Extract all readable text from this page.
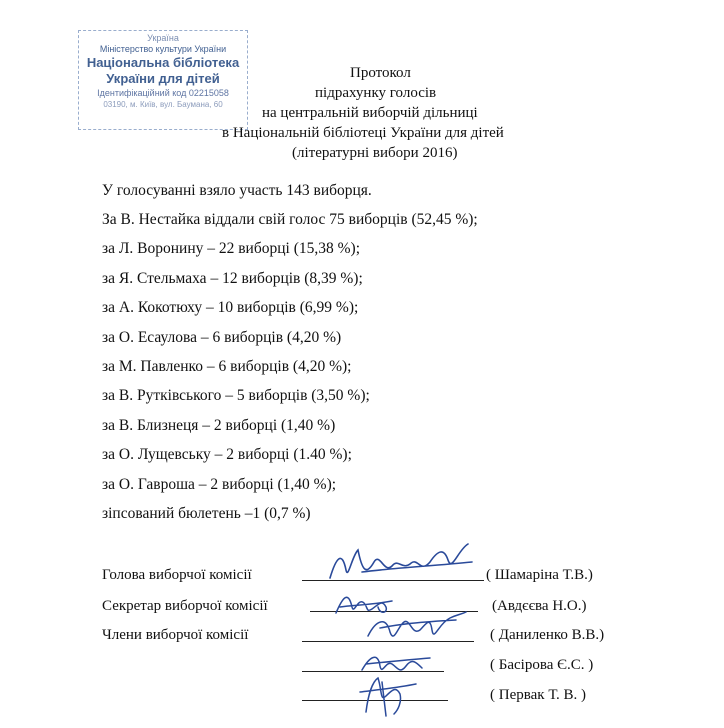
Україна
Міністерство культури України
Національна бібліотека
України для дітей
Ідентифікаційний код 02215058
03190, м. Київ, вул. Баумана, 60
Протокол
підрахунку голосів
на центральній виборчій дільниці
в Національній бібліотеці України для дітей
(літературні вибори 2016)
У голосуванні взяло участь 143 виборця.
За В. Нестайка віддали свій голос 75 виборців (52,45 %);
за Л. Воронину – 22 виборці (15,38 %);
за Я. Стельмаха – 12 виборців (8,39 %);
за А. Кокотюху – 10 виборців (6,99 %);
за О. Есаулова – 6 виборців (4,20 %)
за М. Павленко – 6 виборців (4,20 %);
за В. Рутківського – 5 виборців (3,50 %);
за В. Близнеця – 2 виборці (1,40 %)
за О. Лущевську – 2 виборці (1.40 %);
за О. Гавроша – 2 виборці (1,40 %);
зіпсований бюлетень –1 (0,7 %)
Голова виборчої комісії	( Шамаріна Т.В.)
Секретар виборчої комісії	(Авдєєва Н.О.)
Члени виборчої комісії	( Даниленко В.В.)
( Басірова Є.С. )
( Первак Т. В. )
